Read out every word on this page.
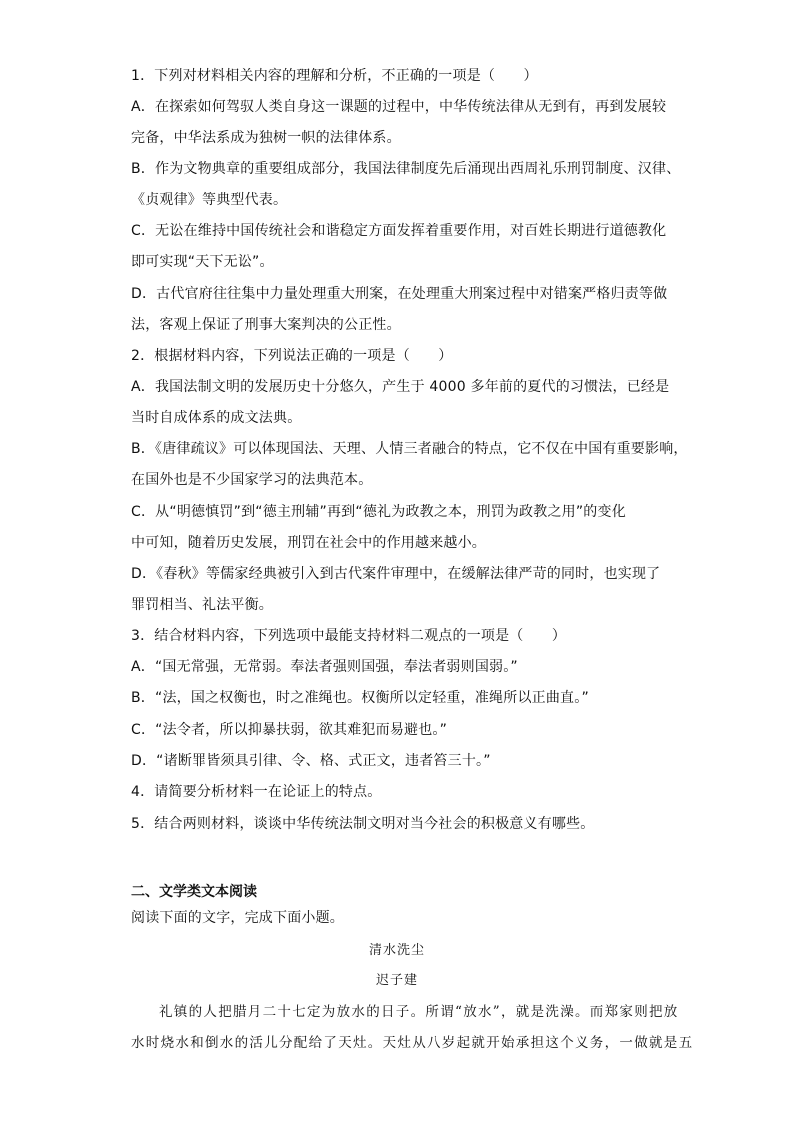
1．下列对材料相关内容的理解和分析，不正确的一项是（　　）
A．在探索如何驾驭人类自身这一课题的过程中，中华传统法律从无到有，再到发展较
完备，中华法系成为独树一帜的法律体系。
B．作为文物典章的重要组成部分，我国法律制度先后涌现出西周礼乐刑罚制度、汉律、
《贞观律》等典型代表。
C．无讼在维持中国传统社会和谐稳定方面发挥着重要作用，对百姓长期进行道德教化
即可实现“天下无讼”。
D．古代官府往往集中力量处理重大刑案，在处理重大刑案过程中对错案严格归责等做
法，客观上保证了刑事大案判决的公正性。
2．根据材料内容，下列说法正确的一项是（　　）
A．我国法制文明的发展历史十分悠久，产生于 4000 多年前的夏代的习惯法，已经是
当时自成体系的成文法典。
B．《唐律疏议》可以体现国法、天理、人情三者融合的特点，它不仅在中国有重要影响，
在国外也是不少国家学习的法典范本。
C．从“明德慎罚”到“德主刑辅”再到“德礼为政教之本，刑罚为政教之用”的变化
中可知，随着历史发展，刑罚在社会中的作用越来越小。
D．《春秋》等儒家经典被引入到古代案件审理中，在缓解法律严苛的同时，也实现了
罪罚相当、礼法平衡。
3．结合材料内容，下列选项中最能支持材料二观点的一项是（　　）
A．“国无常强，无常弱。奉法者强则国强，奉法者弱则国弱。”
B．“法，国之权衡也，时之准绳也。权衡所以定轻重，准绳所以正曲直。”
C．“法令者，所以抑暴扶弱，欲其难犯而易避也。”
D．“诸断罪皆须具引律、令、格、式正文，违者笞三十。”
4．请简要分析材料一在论证上的特点。
5．结合两则材料，谈谈中华传统法制文明对当今社会的积极意义有哪些。
二、文学类文本阅读
阅读下面的文字，完成下面小题。
清水洗尘
迟子建
礼镇的人把腊月二十七定为放水的日子。所谓“放水”，就是洗澡。而郑家则把放
水时烧水和倒水的活儿分配给了天灶。天灶从八岁起就开始承担这个义务，一做就是五
